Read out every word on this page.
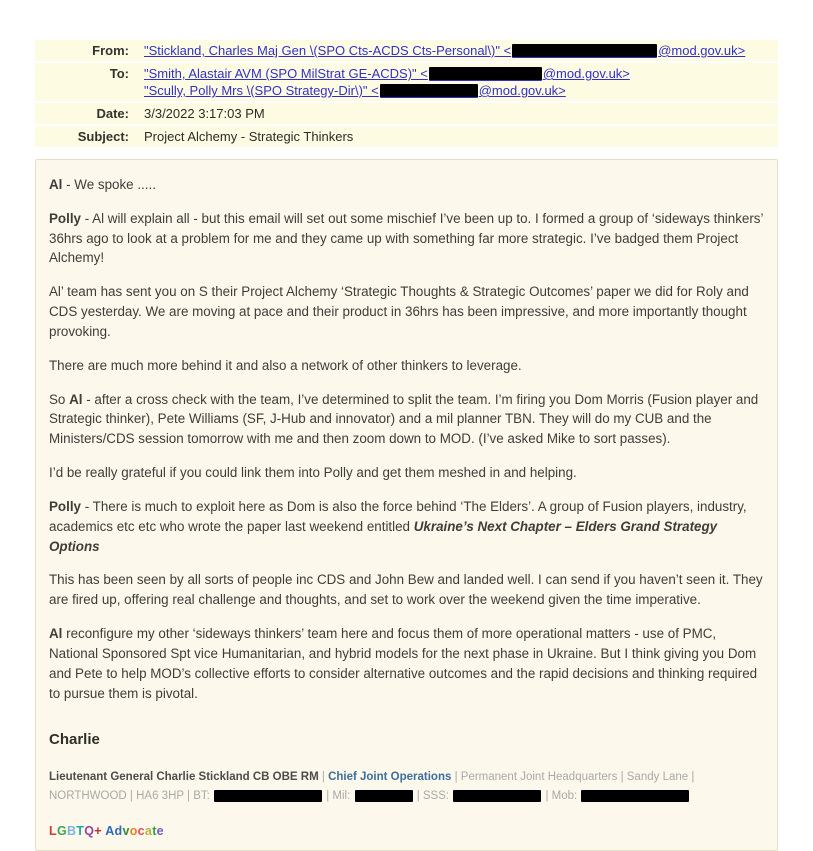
From:	"Stickland, Charles Maj Gen \(SPO Cts-ACDS Cts-Personal\)" <	@mod.gov.uk>
To:	"Smith, Alastair AVM (SPO MilStrat GE-ACDS)" <	@mod.gov.uk>
"Scully, Polly Mrs \(SPO Strategy-Dir\)" <	@mod.gov.uk>
Date:	3/3/2022 3:17:03 PM
Subject:	Project Alchemy - Strategic Thinkers

Al - We spoke .....

Polly - Al will explain all - but this email will set out some mischief I’ve been up to. I formed a group of ‘sideways thinkers’ 36hrs ago to look at a problem for me and they came up with something far more strategic. I’ve badged them Project Alchemy!

Al’ team has sent you on S their Project Alchemy ‘Strategic Thoughts & Strategic Outcomes’ paper we did for Roly and CDS yesterday. We are moving at pace and their product in 36hrs has been impressive, and more importantly thought provoking.

There are much more behind it and also a network of other thinkers to leverage.

So Al - after a cross check with the team, I’ve determined to split the team. I’m firing you Dom Morris (Fusion player and Strategic thinker), Pete Williams (SF, J-Hub and innovator) and a mil planner TBN. They will do my CUB and the Ministers/CDS session tomorrow with me and then zoom down to MOD. (I’ve asked Mike to sort passes).

I’d be really grateful if you could link them into Polly and get them meshed in and helping.

Polly - There is much to exploit here as Dom is also the force behind ‘The Elders’. A group of Fusion players, industry, academics etc etc who wrote the paper last weekend entitled Ukraine’s Next Chapter – Elders Grand Strategy Options

This has been seen by all sorts of people inc CDS and John Bew and landed well. I can send if you haven’t seen it. They are fired up, offering real challenge and thoughts, and set to work over the weekend given the time imperative.

Al reconfigure my other ‘sideways thinkers’ team here and focus them of more operational matters - use of PMC, National Sponsored Spt vice Humanitarian, and hybrid models for the next phase in Ukraine. But I think giving you Dom and Pete to help MOD’s collective efforts to consider alternative outcomes and the rapid decisions and thinking required to pursue them is pivotal.

Charlie
Lieutenant General Charlie Stickland CB OBE RM | Chief Joint Operations | Permanent Joint Headquarters | Sandy Lane |
NORTHWOOD | HA6 3HP | BT:	| Mil:	| SSS:	| Mob:
LGBTQ+ Advocate
